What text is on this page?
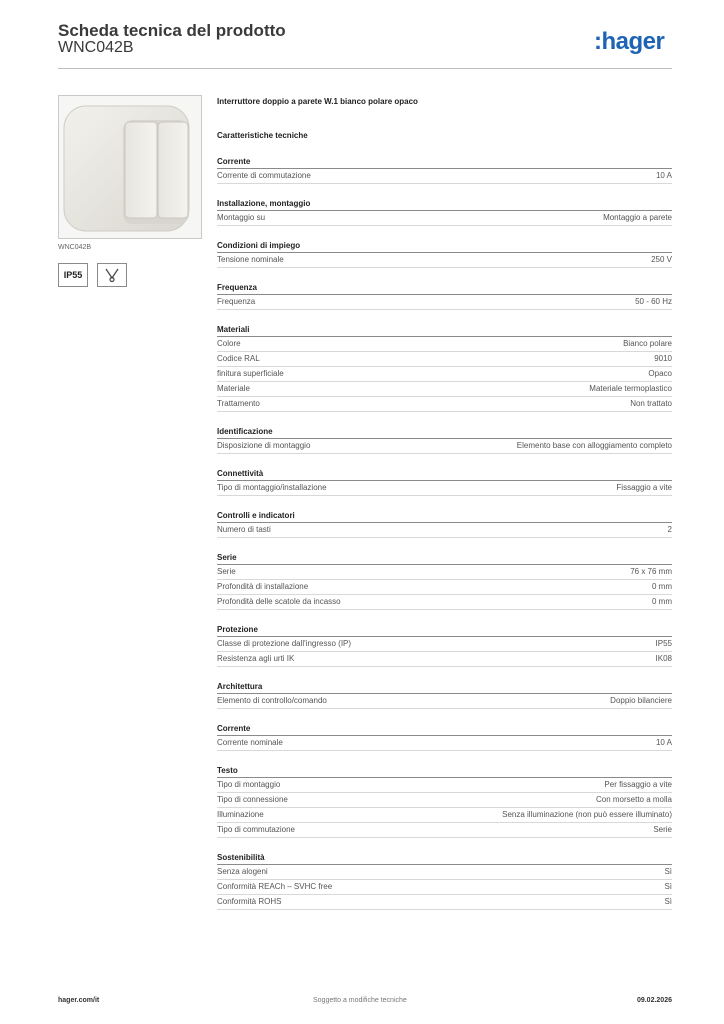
Scheda tecnica del prodotto
WNC042B	:hager
WNC042B
IP55
Interruttore doppio a parete W.1 bianco polare opaco
Caratteristiche tecniche
Corrente
Corrente di commutazione	10 A
Installazione, montaggio
Montaggio su	Montaggio a parete
Condizioni di impiego
Tensione nominale	250 V
Frequenza
Frequenza	50 - 60 Hz
Materiali
Colore	Bianco polare
Codice RAL	9010
finitura superficiale	Opaco
Materiale	Materiale termoplastico
Trattamento	Non trattato
Identificazione
Disposizione di montaggio	Elemento base con alloggiamento completo
Connettività
Tipo di montaggio/installazione	Fissaggio a vite
Controlli e indicatori
Numero di tasti	2
Serie
Serie	76 x 76 mm
Profondità di installazione	0 mm
Profondità delle scatole da incasso	0 mm
Protezione
Classe di protezione dall'ingresso (IP)	IP55
Resistenza agli urti IK	IK08
Architettura
Elemento di controllo/comando	Doppio bilanciere
Corrente
Corrente nominale	10 A
Testo
Tipo di montaggio	Per fissaggio a vite
Tipo di connessione	Con morsetto a molla
Illuminazione	Senza illuminazione (non può essere illuminato)
Tipo di commutazione	Serie
Sostenibilità
Senza alogeni	Sì
Conformità REACh – SVHC free	Sì
Conformità ROHS	Sì
hager.com/it	Soggetto a modifiche tecniche	09.02.2026
